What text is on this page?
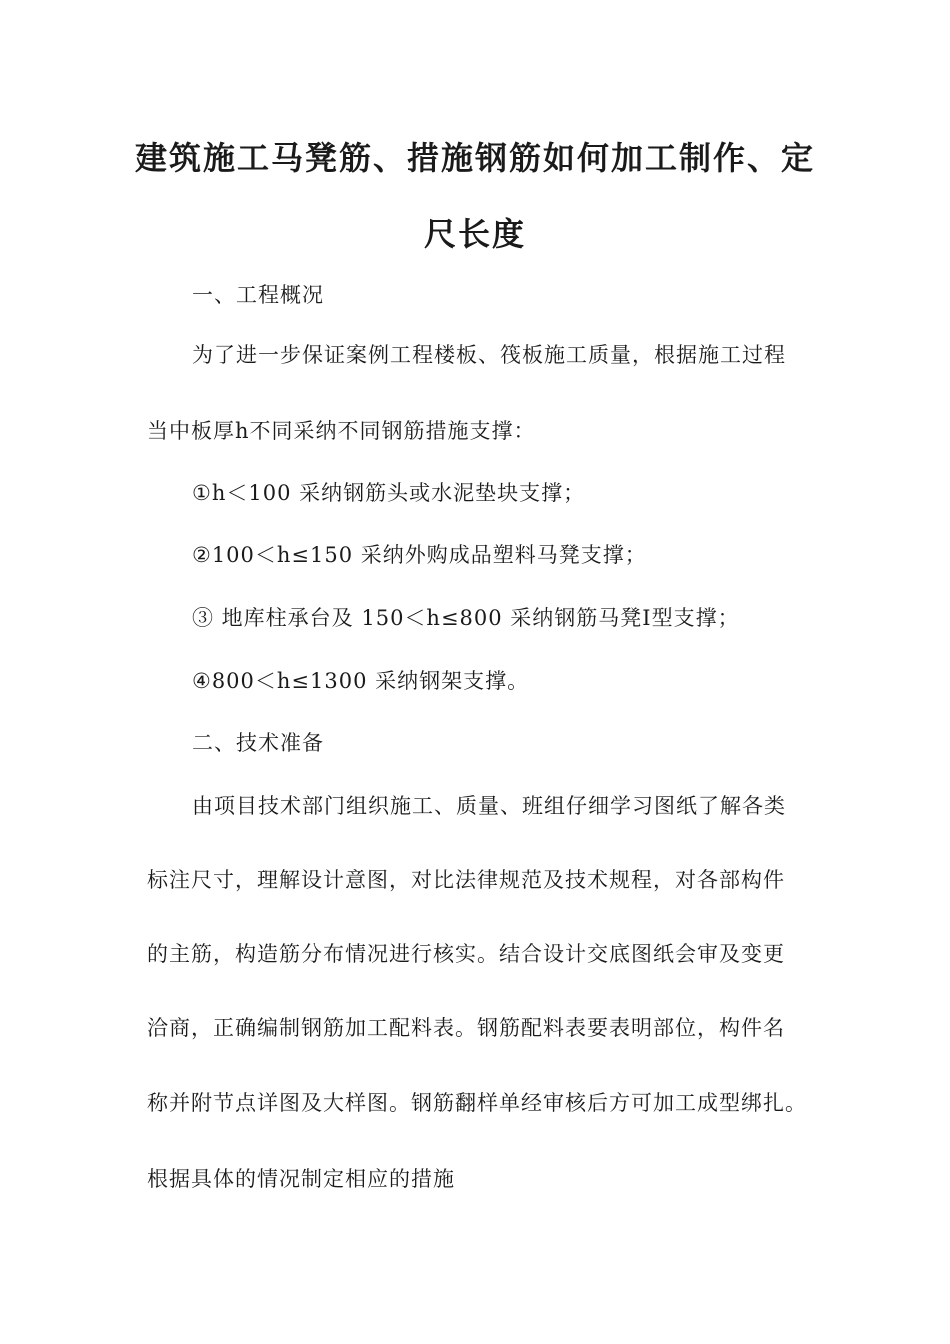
建筑施工马凳筋、措施钢筋如何加工制作、定
尺长度
一、工程概况
为了进一步保证案例工程楼板、筏板施工质量，根据施工过程
当中板厚h不同采纳不同钢筋措施支撑：
①h＜100 采纳钢筋头或水泥垫块支撑；
②100＜h≤150 采纳外购成品塑料马凳支撑；
③ 地库柱承台及 150＜h≤800 采纳钢筋马凳Ⅰ型支撑；
④800＜h≤1300 采纳钢架支撑。
二、技术准备
由项目技术部门组织施工、质量、班组仔细学习图纸了解各类
标注尺寸，理解设计意图，对比法律规范及技术规程，对各部构件
的主筋，构造筋分布情况进行核实。结合设计交底图纸会审及变更
洽商，正确编制钢筋加工配料表。钢筋配料表要表明部位，构件名
称并附节点详图及大样图。钢筋翻样单经审核后方可加工成型绑扎。
根据具体的情况制定相应的措施
